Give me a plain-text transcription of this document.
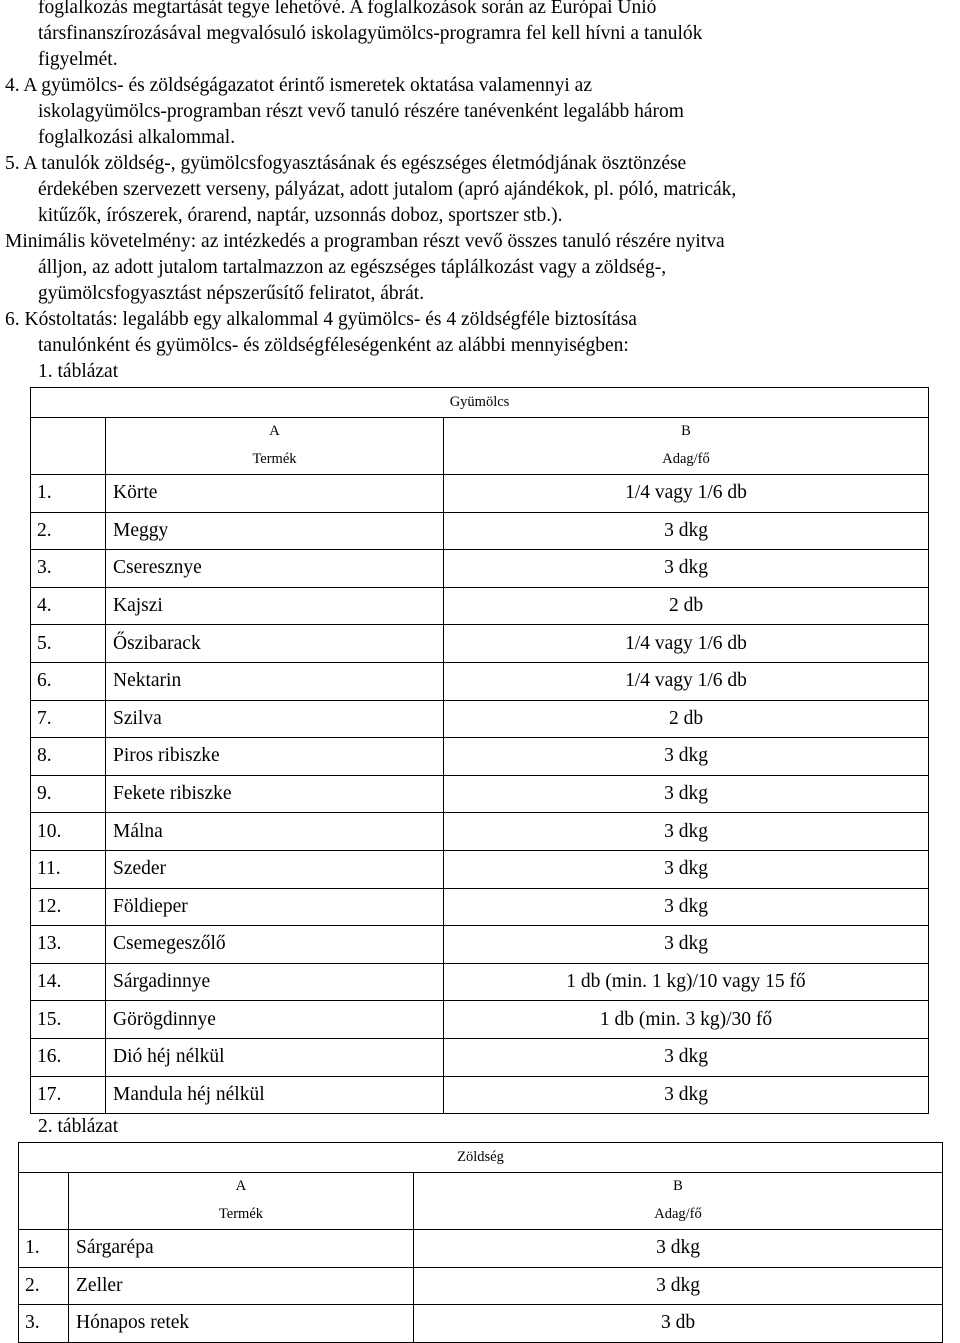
foglalkozás megtartását tegye lehetővé. A foglalkozások során az Európai Unió
társfinanszírozásával megvalósuló iskolagyümölcs-programra fel kell hívni a tanulók
figyelmét.
4. A gyümölcs- és zöldségágazatot érintő ismeretek oktatása valamennyi az
iskolagyümölcs-programban részt vevő tanuló részére tanévenként legalább három
foglalkozási alkalommal.
5. A tanulók zöldség-, gyümölcsfogyasztásának és egészséges életmódjának ösztönzése
érdekében szervezett verseny, pályázat, adott jutalom (apró ajándékok, pl. póló, matricák,
kitűzők, írószerek, órarend, naptár, uzsonnás doboz, sportszer stb.).
Minimális követelmény: az intézkedés a programban részt vevő összes tanuló részére nyitva
álljon, az adott jutalom tartalmazzon az egészséges táplálkozást vagy a zöldség-,
gyümölcsfogyasztást népszerűsítő feliratot, ábrát.
6. Kóstoltatás: legalább egy alkalommal 4 gyümölcs- és 4 zöldségféle biztosítása
tanulónként és gyümölcs- és zöldségféleségenként az alábbi mennyiségben:
1. táblázat
Gyümölcs		
	A	B
	Termék	Adag/fő
1.	Körte	1/4 vagy 1/6 db
2.	Meggy	3 dkg
3.	Cseresznye	3 dkg
4.	Kajszi	2 db
5.	Őszibarack	1/4 vagy 1/6 db
6.	Nektarin	1/4 vagy 1/6 db
7.	Szilva	2 db
8.	Piros ribiszke	3 dkg
9.	Fekete ribiszke	3 dkg
10.	Málna	3 dkg
11.	Szeder	3 dkg
12.	Földieper	3 dkg
13.	Csemegeszőlő	3 dkg
14.	Sárgadinnye	1 db (min. 1 kg)/10 vagy 15 fő
15.	Görögdinnye	1 db (min. 3 kg)/30 fő
16.	Dió héj nélkül	3 dkg
17.	Mandula héj nélkül	3 dkg
2. táblázat
Zöldség		
	A	B
	Termék	Adag/fő
1.	Sárgarépa	3 dkg
2.	Zeller	3 dkg
3.	Hónapos retek	3 db
